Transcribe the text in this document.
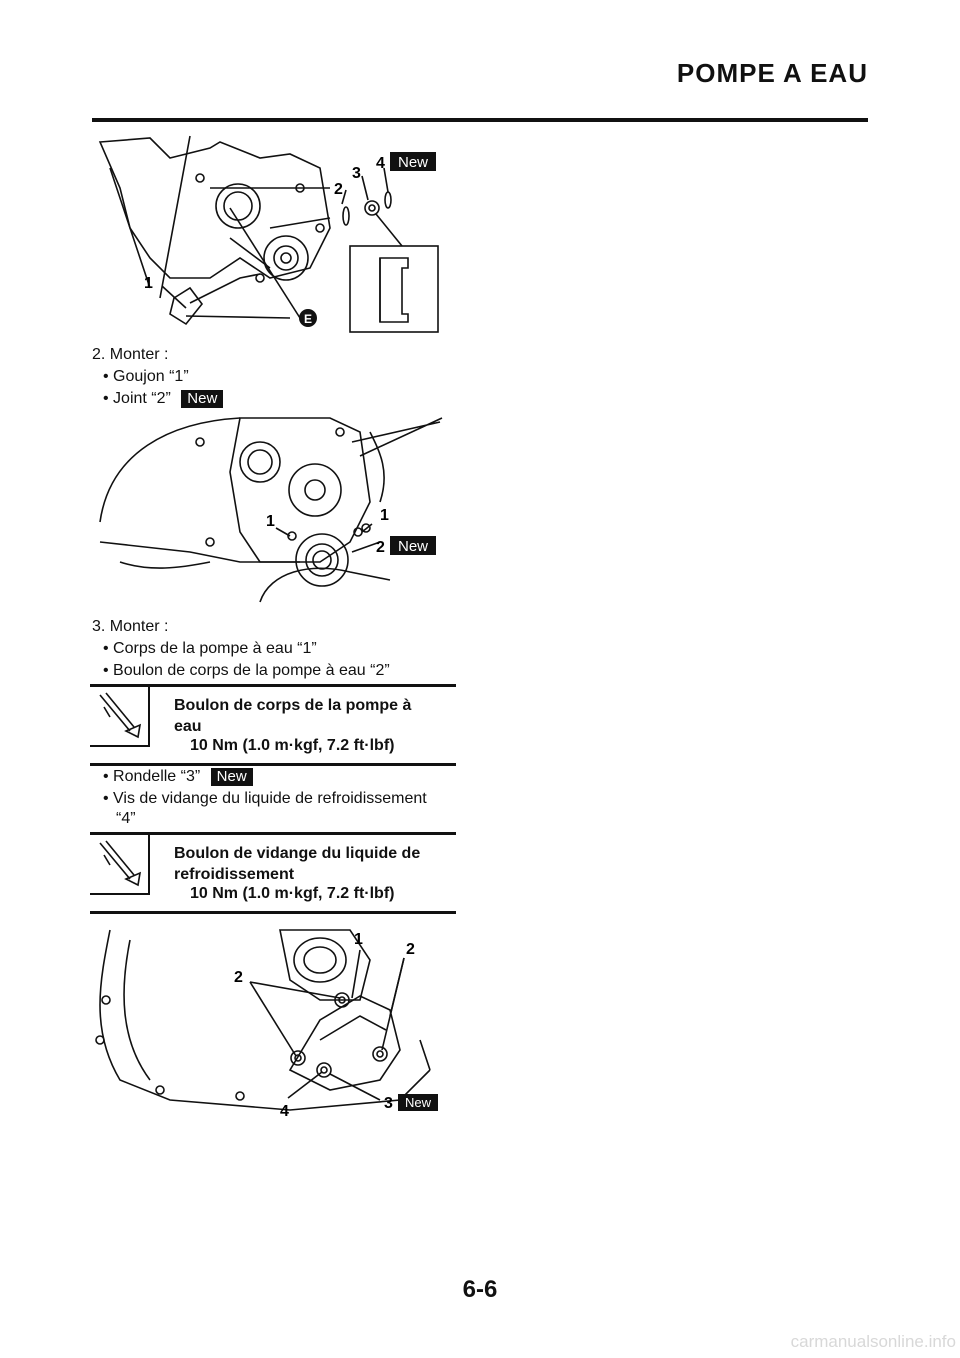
POMPE A EAU
E
1
2
3
4 New
2. Monter :
• Goujon “1”
• Joint “2” New
1	1
2 New
3. Monter :
• Corps de la pompe à eau “1”
• Boulon de corps de la pompe à eau “2”
Boulon de corps de la pompe à
eau
10 Nm (1.0 m·kgf, 7.2 ft·lbf)
• Rondelle “3” New
• Vis de vidange du liquide de refroidissement
“4”
Boulon de vidange du liquide de
refroidissement
10 Nm (1.0 m·kgf, 7.2 ft·lbf)
1
2
2
3
4
New
6-6
carmanualsonline.info
